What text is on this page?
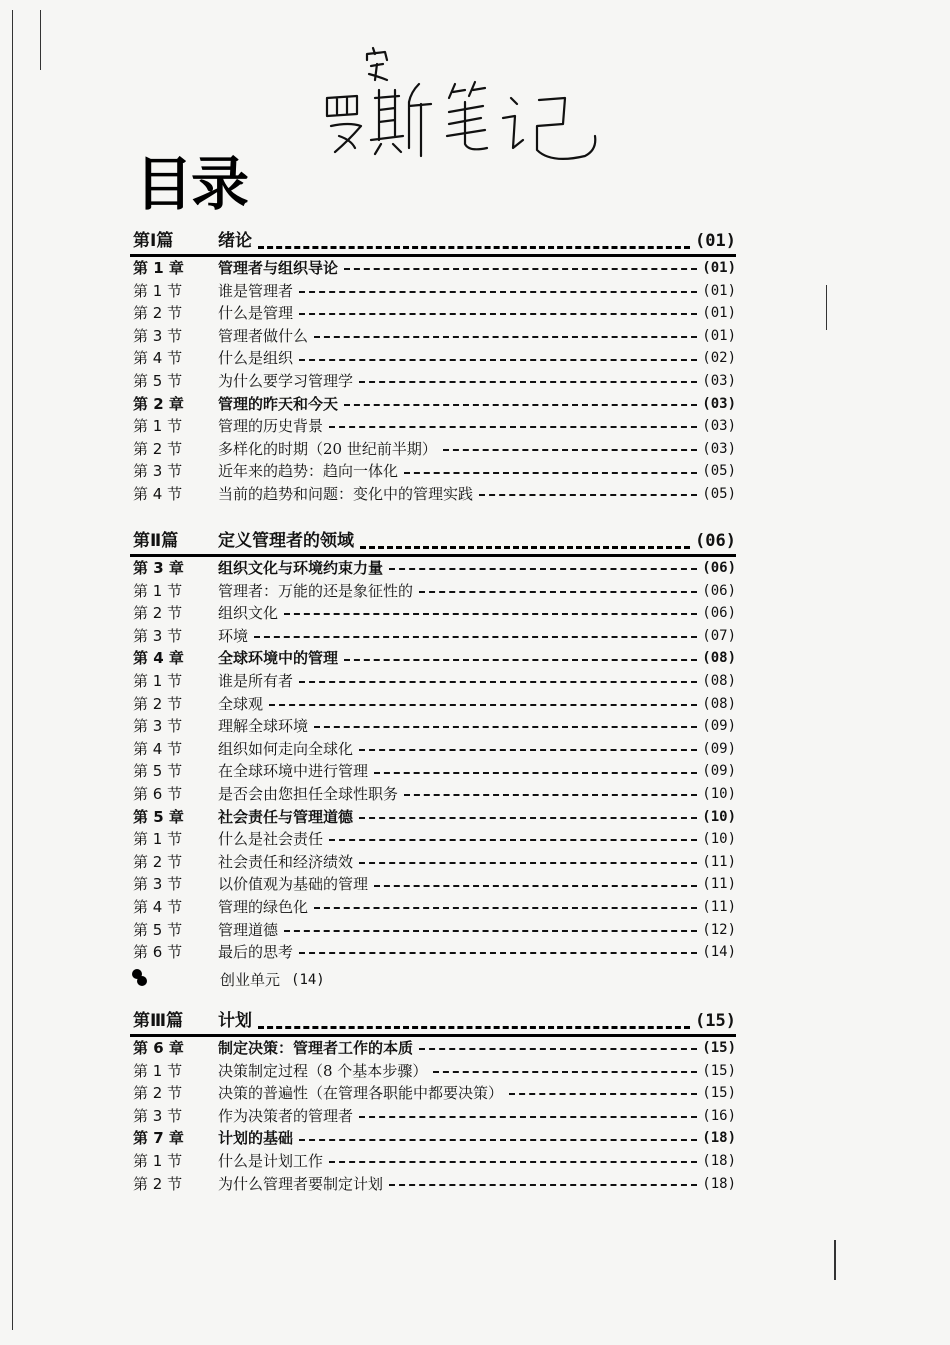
目录
第Ⅰ篇	绪论	(01)
第 1 章	管理者与组织导论	(01)
第 1 节	谁是管理者	(01)
第 2 节	什么是管理	(01)
第 3 节	管理者做什么	(01)
第 4 节	什么是组织	(02)
第 5 节	为什么要学习管理学	(03)
第 2 章	管理的昨天和今天	(03)
第 1 节	管理的历史背景	(03)
第 2 节	多样化的时期（20 世纪前半期）	(03)
第 3 节	近年来的趋势：趋向一体化	(05)
第 4 节	当前的趋势和问题：变化中的管理实践	(05)
第Ⅱ篇	定义管理者的领域	(06)
第 3 章	组织文化与环境约束力量	(06)
第 1 节	管理者：万能的还是象征性的	(06)
第 2 节	组织文化	(06)
第 3 节	环境	(07)
第 4 章	全球环境中的管理	(08)
第 1 节	谁是所有者	(08)
第 2 节	全球观	(08)
第 3 节	理解全球环境	(09)
第 4 节	组织如何走向全球化	(09)
第 5 节	在全球环境中进行管理	(09)
第 6 节	是否会由您担任全球性职务	(10)
第 5 章	社会责任与管理道德	(10)
第 1 节	什么是社会责任	(10)
第 2 节	社会责任和经济绩效	(11)
第 3 节	以价值观为基础的管理	(11)
第 4 节	管理的绿色化	(11)
第 5 节	管理道德	(12)
第 6 节	最后的思考	(14)
创业单元 (14)
第Ⅲ篇	计划	(15)
第 6 章	制定决策：管理者工作的本质	(15)
第 1 节	决策制定过程（8 个基本步骤）	(15)
第 2 节	决策的普遍性（在管理各职能中都要决策）	(15)
第 3 节	作为决策者的管理者	(16)
第 7 章	计划的基础	(18)
第 1 节	什么是计划工作	(18)
第 2 节	为什么管理者要制定计划	(18)
